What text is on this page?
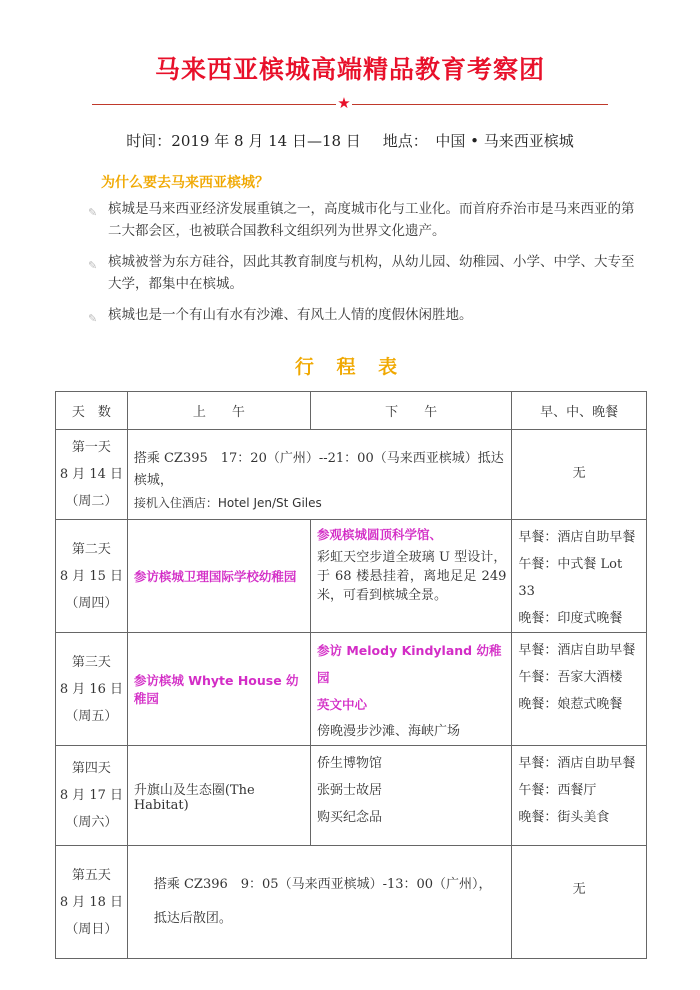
马来西亚槟城高端精品教育考察团
★
时间：2019 年 8 月 14 日—18 日 地点：　 中国 • 马来西亚槟城
为什么要去马来西亚槟城？
✎ 槟城是马来西亚经济发展重镇之一，高度城市化与工业化。而首府乔治市是马来西亚的第二大都会区，也被联合国教科文组织列为世界文化遗产。
✎ 槟城被誉为东方硅谷，因此其教育制度与机构，从幼儿园、幼稚园、小学、中学、大专至大学，都集中在槟城。
✎ 槟城也是一个有山有水有沙滩、有风土人情的度假休闲胜地。
行 程 表
天　数	上　　午	下　　午	早、中、晚餐

第一天
8 月 14 日
（周二）	搭乘 CZ395　17：20（广州）--21：00（马来西亚槟城）抵达槟城，
接机入住酒店：Hotel Jen/St Giles		无

第二天
8 月 15 日
（周四）	参访槟城卫理国际学校幼稚园	参观槟城圆顶科学馆、
彩虹天空步道全玻璃 U 型设计，于 68 楼悬挂着，离地足足 249 米，可看到槟城全景。	早餐：酒店自助早餐
午餐：中式餐 Lot 33
晚餐：印度式晚餐

第三天
8 月 16 日
（周五）	参访槟城 Whyte House 幼稚园	参访 Melody Kindyland 幼稚园
英文中心
傍晚漫步沙滩、海峡广场	早餐：酒店自助早餐
午餐：吾家大酒楼
晚餐：娘惹式晚餐

第四天
8 月 17 日
（周六）	升旗山及生态圈(The Habitat)	侨生博物馆
张弼士故居
购买纪念品	早餐：酒店自助早餐
午餐：西餐厅
晚餐：街头美食

第五天
8 月 18 日
（周日）	搭乘 CZ396　9：05（马来西亚槟城）-13：00（广州），
抵达后散团。		无
